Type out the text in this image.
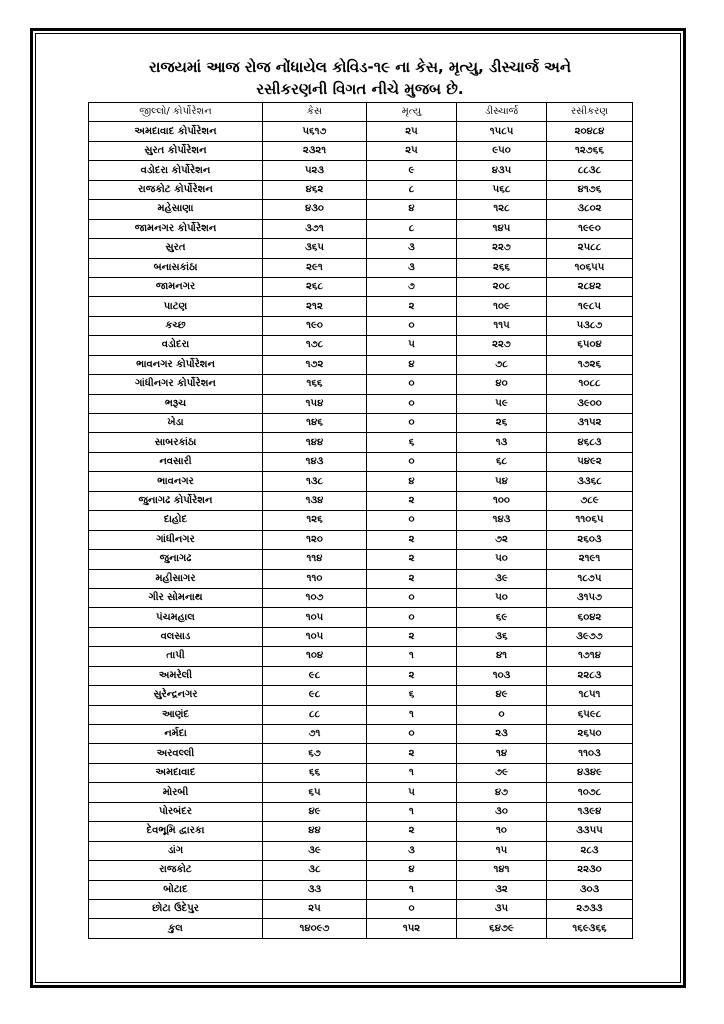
રાજયમાં આજ રોજ નોંધાયેલ કોવિડ-૧૯ ના કેસ, મૃત્યુ, ડીસ્ચાર્જ અને
રસીકરણની વિગત નીચે મુજબ છે.
જીલ્લો/ કોર્પોરેશન	કેસ	મૃત્યુ	ડીસ્ચાર્જ	રસીકરણ
અમદાવાદ કોર્પોરેશન	૫૬૧૭	૨૫	૧૫૮૫	૨૦૪૮૪
સુરત કોર્પોરેશન	૨૩૨૧	૨૫	૯૫૦	૧૨૭૬૬
વડોદરા કોર્પોરેશન	૫૨૩	૯	૪૩૫	૮૮૩૮
રાજકોટ કોર્પોરેશન	૪૬૨	૮	૫૬૮	૪૧૭૬
મહેસાણા	૪૩૦	૪	૧૨૮	૩૮૦૨
જામનગર કોર્પોરેશન	૩૭૧	૮	૧૪૫	૧૯૯૦
સુરત	૩૬૫	૩	૨૨૭	૨૫૮૮
બનાસકાંઠા	૨૯૧	૩	૨૬૬	૧૦૬૫૫
જામનગર	૨૬૮	૭	૨૦૮	૨૮૪૨
પાટણ	૨૧૨	૨	૧૦૯	૧૯૮૫
કચ્છ	૧૯૦	૦	૧૧૫	૫૩૮૭
વડોદરા	૧૭૮	૫	૨૨૭	૬૫૦૪
ભાવનગર કોર્પોરેશન	૧૭૨	૪	૭૮	૧૭૨૬
ગાંધીનગર કોર્પોરેશન	૧૬૬	૦	૪૦	૧૦૮૮
ભરૂચ	૧૫૪	૦	૫૯	૩૯૦૦
ખેડા	૧૪૬	૦	૨૬	૩૧૫૨
સાબરકાંઠા	૧૪૪	૬	૧૩	૪૬૮૩
નવસારી	૧૪૩	૦	૬૮	૫૪૯૨
ભાવનગર	૧૩૮	૪	૫૪	૩૩૬૮
જુનાગઢ કોર્પોરેશન	૧૩૪	૨	૧૦૦	૭૮૯
દાહોદ	૧૨૬	૦	૧૪૩	૧૧૦૬૫
ગાંધીનગર	૧૨૦	૨	૭૨	૨૬૦૩
જુનાગઢ	૧૧૪	૨	૫૦	૨૧૯૧
મહીસાગર	૧૧૦	૨	૩૯	૧૮૭૫
ગીર સોમનાથ	૧૦૭	૦	૫૦	૩૧૫૭
પંચમહાલ	૧૦૫	૦	૬૯	૬૦૪૨
વલસાડ	૧૦૫	૨	૩૬	૩૯૭૭
તાપી	૧૦૪	૧	૪૧	૧૭૧૪
અમરેલી	૯૮	૨	૧૦૩	૨૨૮૩
સુરેન્દ્રનગર	૯૮	૬	૪૯	૧૮૫૧
આણંદ	૮૮	૧	૦	૬૫૯૮
નર્મદા	૭૧	૦	૨૩	૨૬૫૦
અરવલ્લી	૬૭	૨	૧૪	૧૧૦૩
અમદાવાદ	૬૬	૧	૭૯	૪૩૪૯
મોરબી	૬૫	૫	૪૭	૧૦૭૮
પોરબંદર	૪૯	૧	૩૦	૧૩૯૪
દેવભૂમિ દ્વારકા	૪૪	૨	૧૦	૩૩૫૫
ડાંગ	૩૯	૩	૧૫	૨૮૩
રાજકોટ	૩૮	૪	૧૪૧	૨૨૩૦
બોટાદ	૩૩	૧	૩૨	૩૦૩
છોટા ઉદેપુર	૨૫	૦	૩૫	૨૭૩૩
કુલ	૧૪૦૯૭	૧૫૨	૬૪૭૯	૧૬૯૩૬૬
